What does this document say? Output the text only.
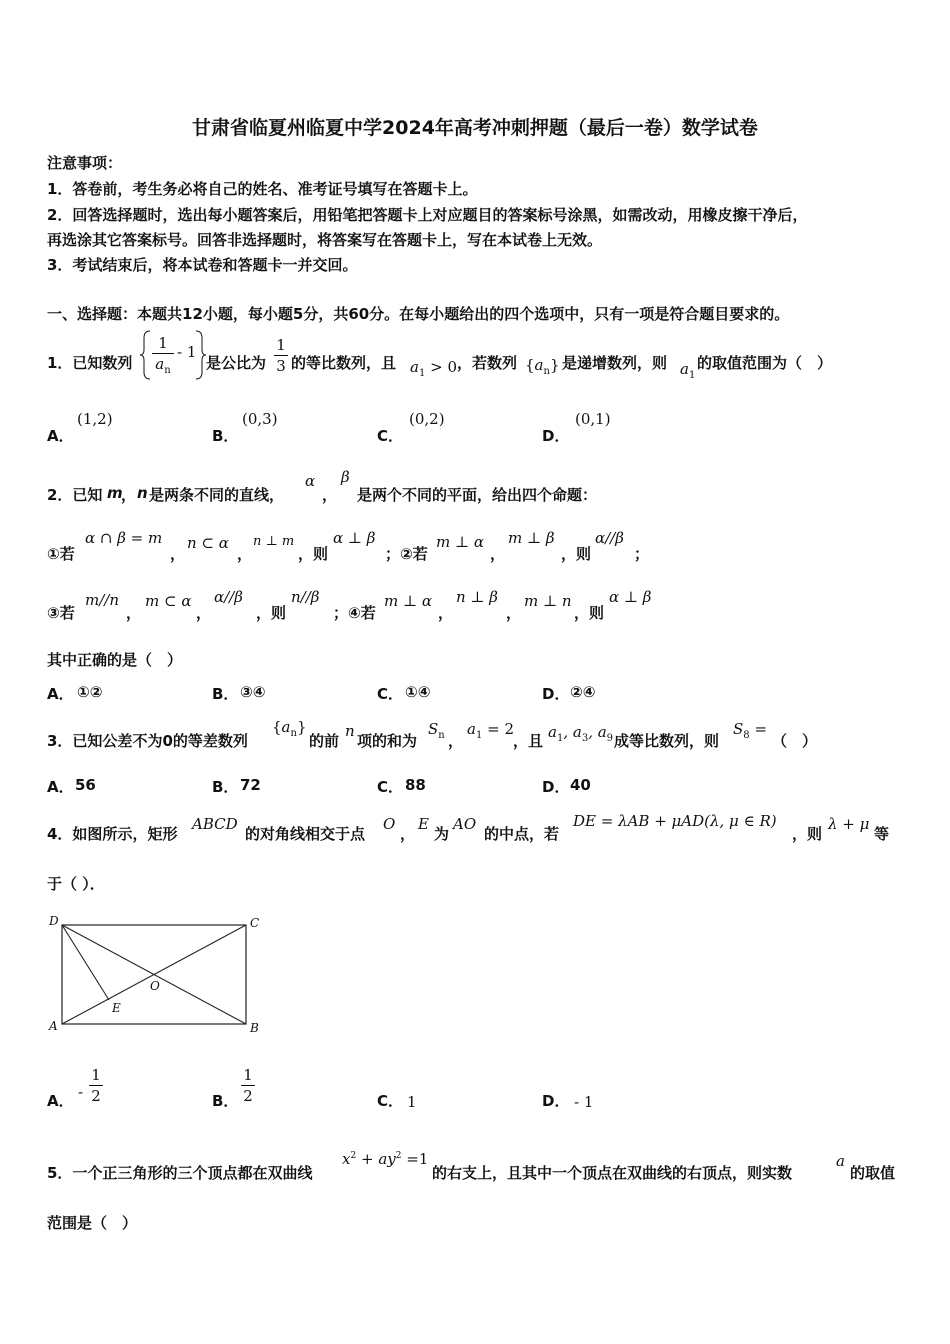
甘肃省临夏州临夏中学2024年高考冲刺押题（最后一卷）数学试卷
注意事项：
1．答卷前，考生务必将自己的姓名、准考证号填写在答题卡上。
2．回答选择题时，选出每小题答案后，用铅笔把答题卡上对应题目的答案标号涂黑，如需改动，用橡皮擦干净后，
再选涂其它答案标号。回答非选择题时，将答案写在答题卡上，写在本试卷上无效。
3．考试结束后，将本试卷和答题卡一并交回。
一、选择题：本题共12小题，每小题5分，共60分。在每小题给出的四个选项中，只有一项是符合题目要求的。
1．已知数列
1
$a_n$
- 1
是公比为
1
3 的等比数列，且 $a_1 > 0$ ，若数列 $\{a_n\}$ 是递增数列，则 $a_1$
的取值范围为（　）
A．
(1,2)
B．
(0,3)
C．
(0,2)
D．
(0,1)
2．已知 m
， n 是两条不同的直线，
α
，
β
是两个不同的平面，给出四个命题：
①若
α ∩ β = m
，
n ⊂ α
，
n ⊥ m
，则
α ⊥ β
；②若
m ⊥ α
，
m ⊥ β
，则
α//β
；
③若
m//n
，
m ⊂ α
，
α//β
，则
n//β
；④若
m ⊥ α
，
n ⊥ β
，
m ⊥ n
，则
α ⊥ β
其中正确的是（　）
A． ①②	B． ③④	C． ①④	D． ②④
3．已知公差不为0的等差数列
$\{a_n\}$
的前
n
项的和为
$S_n$ ，
$a_1 = 2$
，且 $a_1$, $a_3$, $a_9$ 成等比数列，则
$S_8$ =
（　）
A． 56	B． 72	C． 88	D． 40
4．如图所示，矩形
ABCD
的对角线相交于点
O
，
E
为
AO
的中点，若
DE = λAB + μAD(λ, μ ∈ R)
，则
λ + μ
等
于（ ）．
D	C
A	B
E
O
A． -
1
2	B．
1
2	C． 1	D． - 1
5．一个正三角形的三个顶点都在双曲线
$x^2 + ay^2 =1$
的右支上，且其中一个顶点在双曲线的右顶点，则实数
a
的取值
范围是（　）
